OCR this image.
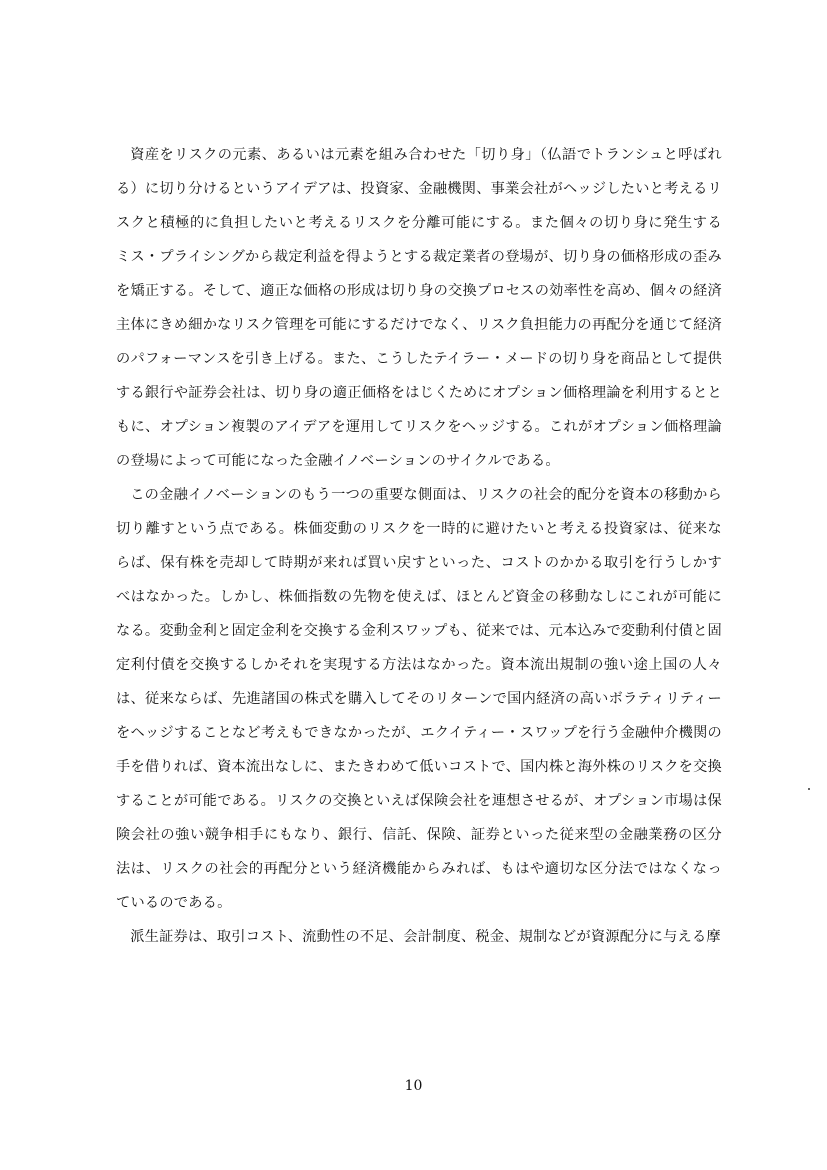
資産をリスクの元素、あるいは元素を組み合わせた「切り身」（仏語でトランシュと呼ばれる）に切り分けるというアイデアは、投資家、金融機関、事業会社がヘッジしたいと考えるリスクと積極的に負担したいと考えるリスクを分離可能にする。また個々の切り身に発生するミス・プライシングから裁定利益を得ようとする裁定業者の登場が、切り身の価格形成の歪みを矯正する。そして、適正な価格の形成は切り身の交換プロセスの効率性を高め、個々の経済主体にきめ細かなリスク管理を可能にするだけでなく、リスク負担能力の再配分を通じて経済のパフォーマンスを引き上げる。また、こうしたテイラー・メードの切り身を商品として提供する銀行や証券会社は、切り身の適正価格をはじくためにオプション価格理論を利用するとともに、オプション複製のアイデアを運用してリスクをヘッジする。これがオプション価格理論の登場によって可能になった金融イノベーションのサイクルである。

この金融イノベーションのもう一つの重要な側面は、リスクの社会的配分を資本の移動から切り離すという点である。株価変動のリスクを一時的に避けたいと考える投資家は、従来ならば、保有株を売却して時期が来れば買い戻すといった、コストのかかる取引を行うしかすべはなかった。しかし、株価指数の先物を使えば、ほとんど資金の移動なしにこれが可能になる。変動金利と固定金利を交換する金利スワップも、従来では、元本込みで変動利付債と固定利付債を交換するしかそれを実現する方法はなかった。資本流出規制の強い途上国の人々は、従来ならば、先進諸国の株式を購入してそのリターンで国内経済の高いボラティリティーをヘッジすることなど考えもできなかったが、エクイティー・スワップを行う金融仲介機関の手を借りれば、資本流出なしに、またきわめて低いコストで、国内株と海外株のリスクを交換することが可能である。リスクの交換といえば保険会社を連想させるが、オプション市場は保険会社の強い競争相手にもなり、銀行、信託、保険、証券といった従来型の金融業務の区分法は、リスクの社会的再配分という経済機能からみれば、もはや適切な区分法ではなくなっているのである。

派生証券は、取引コスト、流動性の不足、会計制度、税金、規制などが資源配分に与える摩

10
